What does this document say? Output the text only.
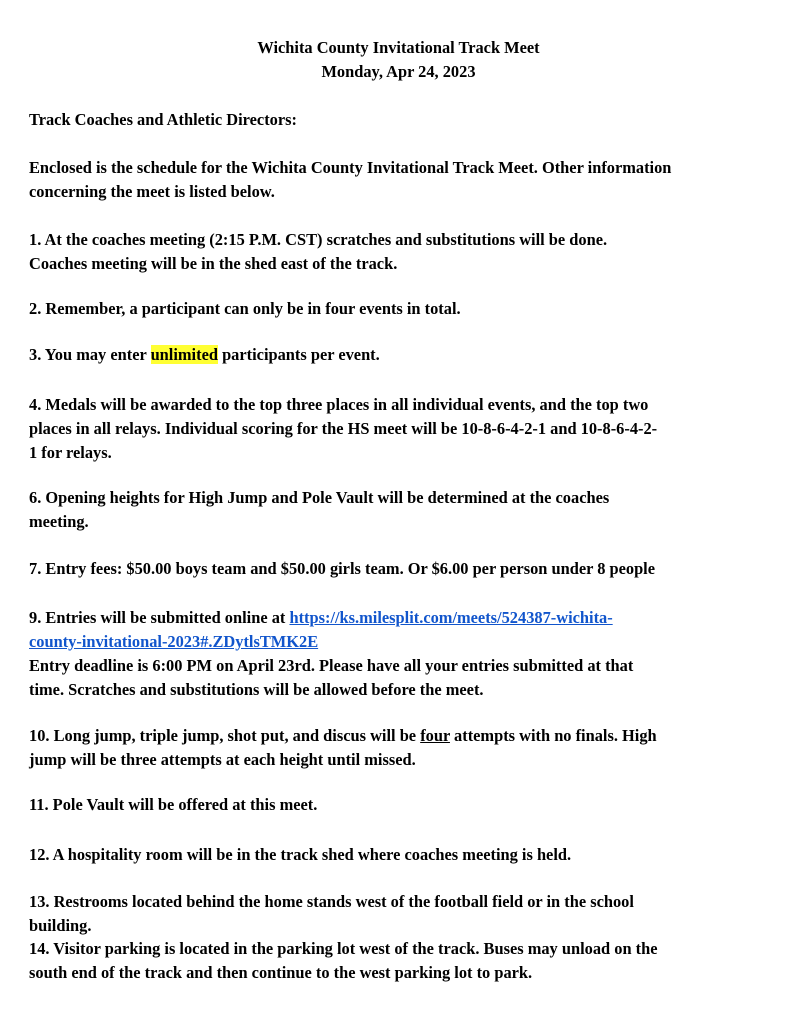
Wichita County Invitational Track Meet
Monday, Apr 24, 2023
Track Coaches and Athletic Directors:
Enclosed is the schedule for the Wichita County Invitational Track Meet. Other information
concerning the meet is listed below.
1. At the coaches meeting (2:15 P.M. CST) scratches and substitutions will be done.
Coaches meeting will be in the shed east of the track.
2. Remember, a participant can only be in four events in total.
3. You may enter unlimited participants per event.
4. Medals will be awarded to the top three places in all individual events, and the top two
places in all relays. Individual scoring for the HS meet will be 10-8-6-4-2-1 and 10-8-6-4-2-
1 for relays.
6. Opening heights for High Jump and Pole Vault will be determined at the coaches
meeting.
7. Entry fees: $50.00 boys team and $50.00 girls team. Or $6.00 per person under 8 people
9. Entries will be submitted online at https://ks.milesplit.com/meets/524387-wichita-
county-invitational-2023#.ZDytlsTMK2E
Entry deadline is 6:00 PM on April 23rd. Please have all your entries submitted at that
time. Scratches and substitutions will be allowed before the meet.
10. Long jump, triple jump, shot put, and discus will be four attempts with no finals. High
jump will be three attempts at each height until missed.
11. Pole Vault will be offered at this meet.
12. A hospitality room will be in the track shed where coaches meeting is held.
13. Restrooms located behind the home stands west of the football field or in the school
building.
14. Visitor parking is located in the parking lot west of the track. Buses may unload on the
south end of the track and then continue to the west parking lot to park.
